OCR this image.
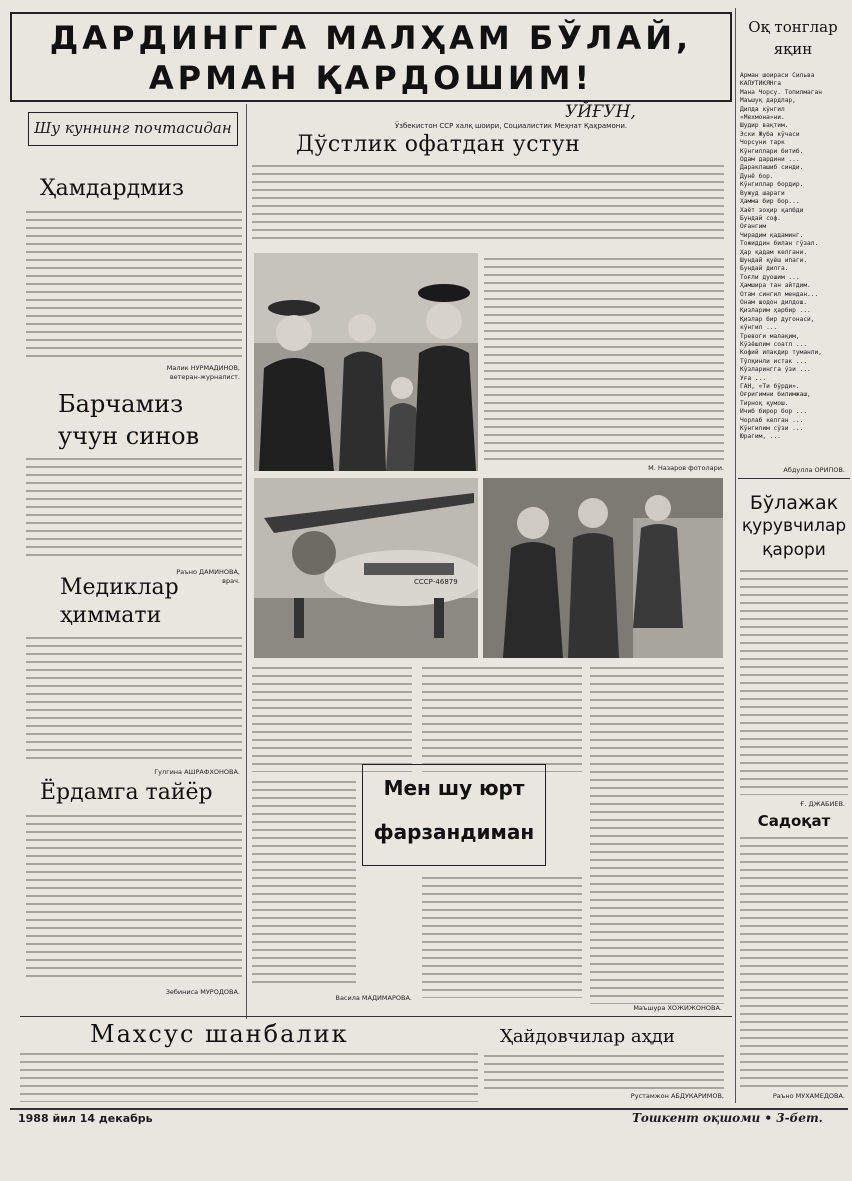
ДАРДИНГГА МАЛҲАМ БЎЛАЙ,
АРМАН ҚАРДОШИМ!
УЙҒУН,
Ўзбекистон ССР халқ шоири, Социалистик Меҳнат Қаҳрамони.
Оқ тонглар
яқин
Арман шоираси Сильва
КАПУТИКЯНга
Мана Чорсу. Топилмаган
Маъшуқ дардлар,
Дилда кўнгил
«Мехмона»ни.
Шудир вақтим.
Эски Жуба кўчаси
Чорсуни тарк
Кўнгиллари битиб.
Одам дардини ...
Дараклашиб синди.
Дунё бор.
Кўнгиллар бордир.
Вужуд шараги
Ҳамма бир бор...
Хаёт зоҳир қалбди
Бундай соф.
Оғангим
Чирадим қадаминг.
Тожиддин билан гўзал.
Ҳар қадам келгани.
Шундай қуёш ипаги.
Бундай дилга.
Тоғли дуошим ...
Ҳамшира тан айтдим.
Отам сингил мендан...
Онам шодон дилдош.
Қизларим ҳарбир ...
Қизлар бир дугонаси,
кўнгил ...
Тревоги малақим,
Кўзёшлим соатл ...
Кофий ипакдир туманли,
Тўлқинли истак ...
Кўзларингга ўзи ...
Уға ...
ГАН, «Ти бўрди».
Оғригимни билимжаш,
Тирноқ қумош.
Ичиб бирор бор ...
Чорлаб келган ...
Кўнгилим сўзи ...
Юрагим, ...
Абдулла ОРИПОВ.
Бўлажак
қурувчилар
қарори
Ғ. ДЖАБИЕВ.
Садоқат
Раъно МУХАМЕДОВА.
Шу куннинг почтасидан
Ҳамдардмиз
Малик НУРМАДИНОВ,
ветеран-журналист.
Барчамиз
учун синов
Раъно ДАМИНОВА,
врач.
Медиклар
ҳиммати
Гулгина АШРАФХОНОВА.
Ёрдамга тайёр
Зебиниса МУРОДОВА.
Дўстлик офатдан устун
М. Назаров фотолари.
СССР-46879
Мен шу юрт
фарзандиман
Васила МАДИМАРОВА.
Маъшура ХОЖИЖОНОВА.
Махсус шанбалик	Ҳайдовчилар аҳди
Рустамжон АБДУКАРИМОВ,
1988 йил 14 декабрь	Тошкент оқшоми • 3-бет.
